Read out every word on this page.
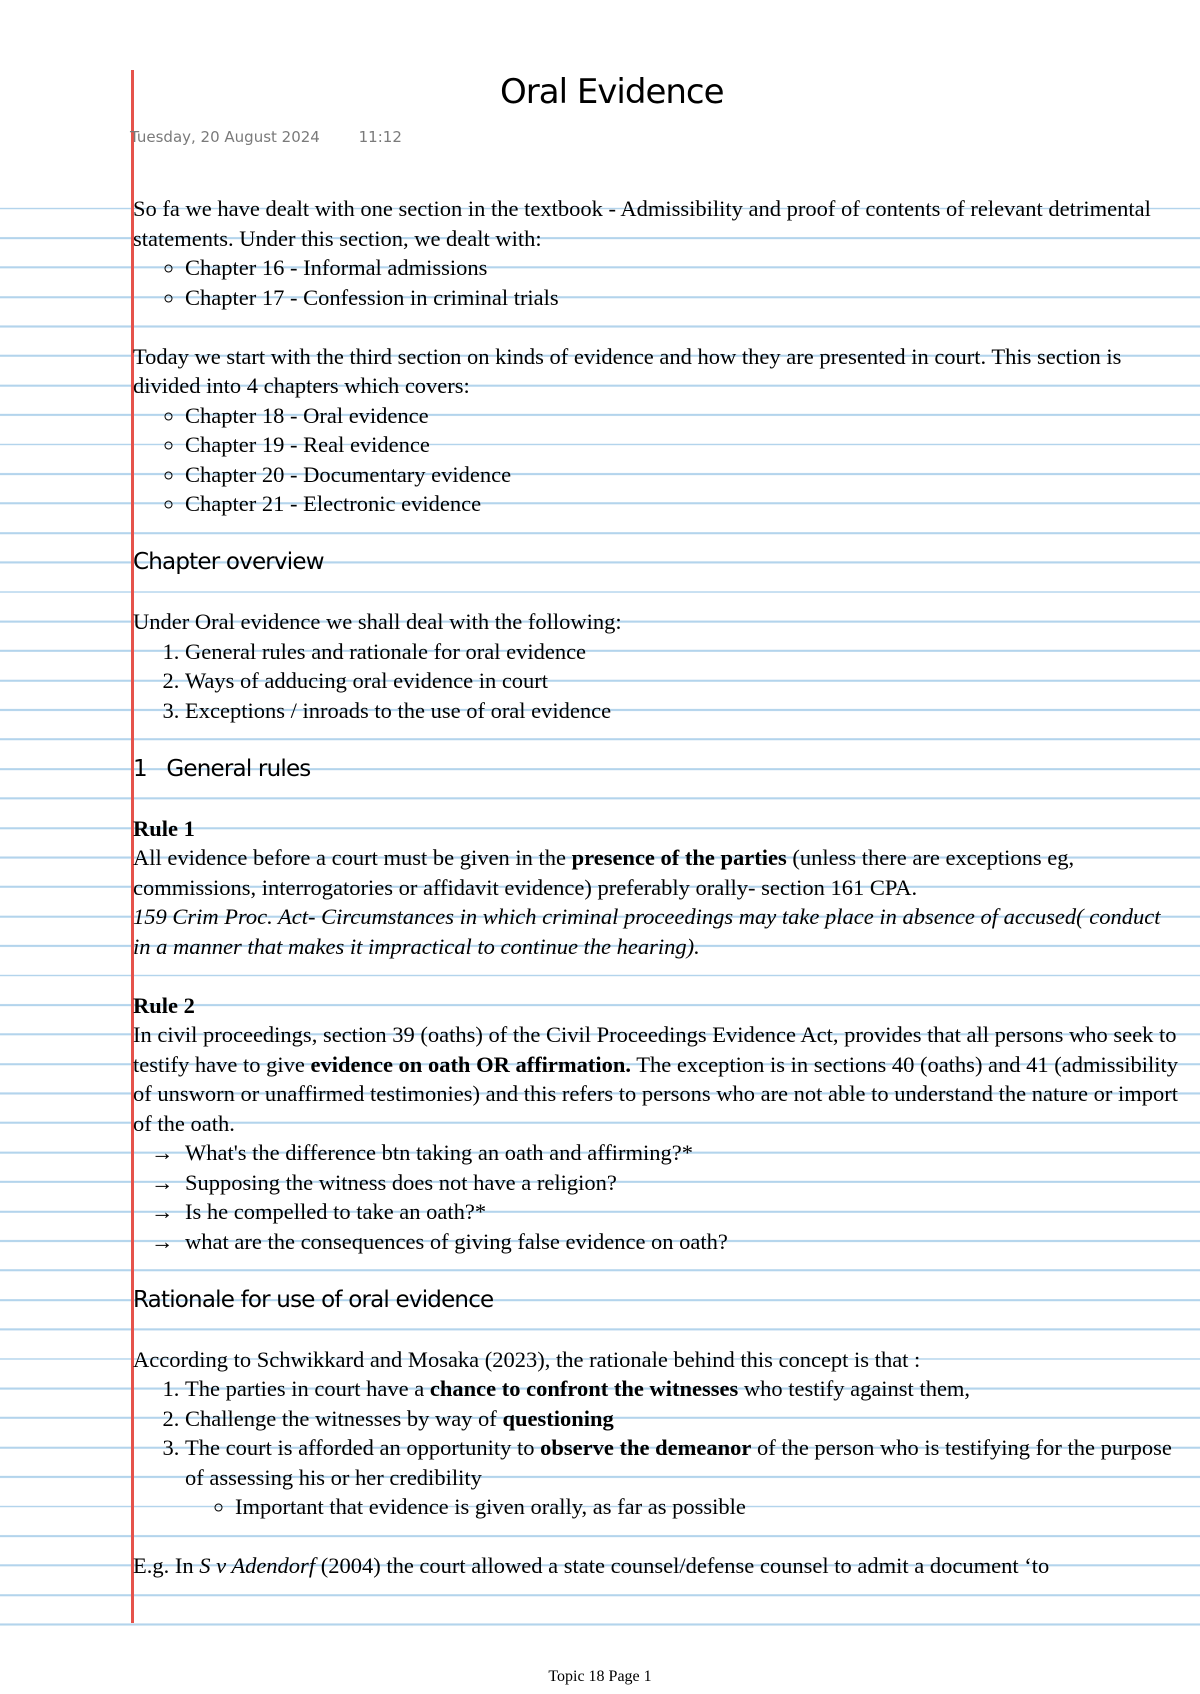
Oral Evidence
Tuesday, 20 August 2024	11:12

So fa we have dealt with one section in the textbook - Admissibility and proof of contents of relevant detrimental statements. Under this section, we dealt with:

◦ Chapter 16 - Informal admissions
◦ Chapter 17 - Confession in criminal trials

Today we start with the third section on kinds of evidence and how they are presented in court. This section is divided into 4 chapters which covers:

◦ Chapter 18 - Oral evidence
◦ Chapter 19 - Real evidence
◦ Chapter 20 - Documentary evidence
◦ Chapter 21 - Electronic evidence
Chapter overview

Under Oral evidence we shall deal with the following:

1. General rules and rationale for oral evidence
2. Ways of adducing oral evidence in court
3. Exceptions / inroads to the use of oral evidence
1   General rules

Rule 1

All evidence before a court must be given in the presence of the parties (unless there are exceptions eg, commissions, interrogatories or affidavit evidence) preferably orally- section 161 CPA.

159 Crim Proc. Act- Circumstances in which criminal proceedings may take place in absence of accused( conduct in a manner that makes it impractical to continue the hearing).

Rule 2

In civil proceedings, section 39 (oaths) of the Civil Proceedings Evidence Act, provides that all persons who seek to testify have to give evidence on oath OR affirmation. The exception is in sections 40 (oaths) and 41 (admissibility of unsworn or unaffirmed testimonies) and this refers to persons who are not able to understand the nature or import of the oath.

→ What's the difference btn taking an oath and affirming?*
→ Supposing the witness does not have a religion?
→ Is he compelled to take an oath?*
→ what are the consequences of giving false evidence on oath?
Rationale for use of oral evidence

According to Schwikkard and Mosaka (2023), the rationale behind this concept is that :

1. The parties in court have a chance to confront the witnesses who testify against them,
2. Challenge the witnesses by way of questioning
3. The court is afforded an opportunity to observe the demeanor of the person who is testifying for the purpose of assessing his or her credibility
◦ Important that evidence is given orally, as far as possible

E.g. In S v Adendorf (2004) the court allowed a state counsel/defense counsel to admit a document ‘to

Topic 18 Page 1
